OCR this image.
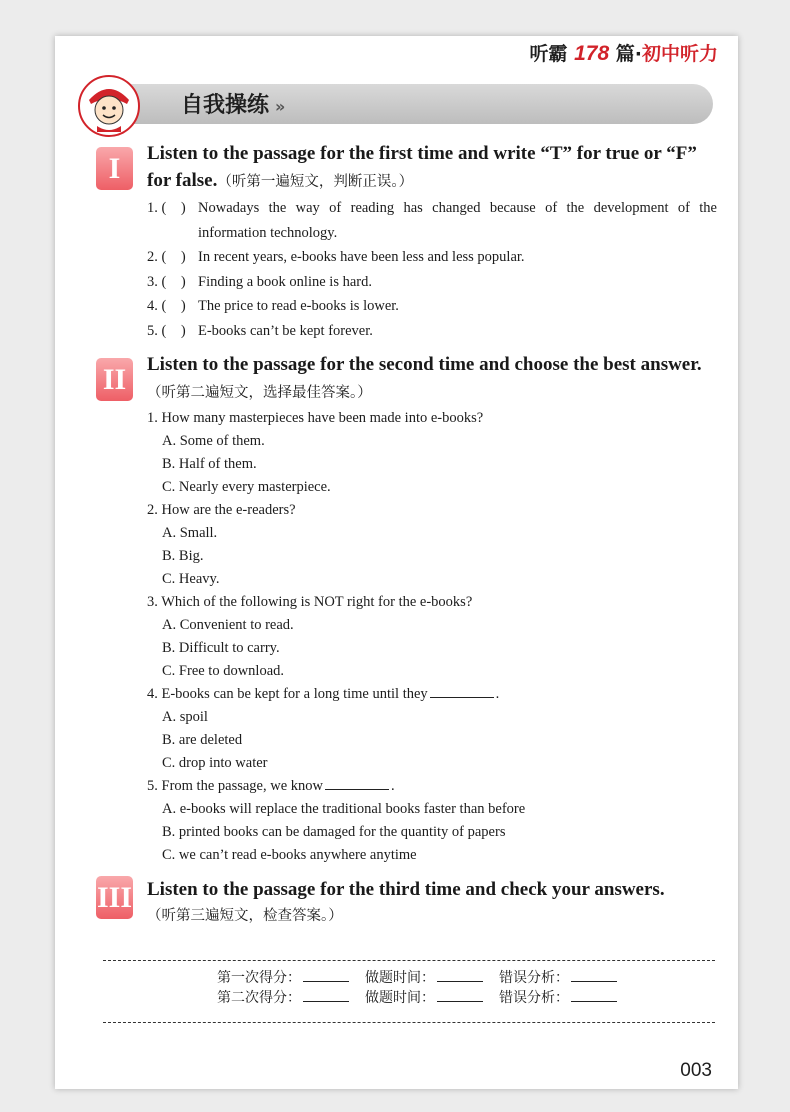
听霸 178 篇·初中听力
自我操练 »
I	Listen to the passage for the first time and write “T” for true or “F” for false.（听第一遍短文，判断正误。）
1. (    ) Nowadays the way of reading has changed because of the development of the information technology.
2. (    ) In recent years, e-books have been less and less popular.
3. (    ) Finding a book online is hard.
4. (    ) The price to read e-books is lower.
5. (    ) E-books can’t be kept forever.
II	Listen to the passage for the second time and choose the best answer.（听第二遍短文，选择最佳答案。）
1. How many masterpieces have been made into e-books?
A. Some of them.
B. Half of them.
C. Nearly every masterpiece.
2. How are the e-readers?
A. Small.
B. Big.
C. Heavy.
3. Which of the following is NOT right for the e-books?
A. Convenient to read.
B. Difficult to carry.
C. Free to download.
4. E-books can be kept for a long time until they	.
A. spoil
B. are deleted
C. drop into water
5. From the passage, we know	.
A. e-books will replace the traditional books faster than before
B. printed books can be damaged for the quantity of papers
C. we can’t read e-books anywhere anytime
III Listen to the passage for the third time and check your answers.
（听第三遍短文，检查答案。）
第一次得分：	做题时间：	错误分析：
第二次得分：	做题时间：	错误分析：
003
